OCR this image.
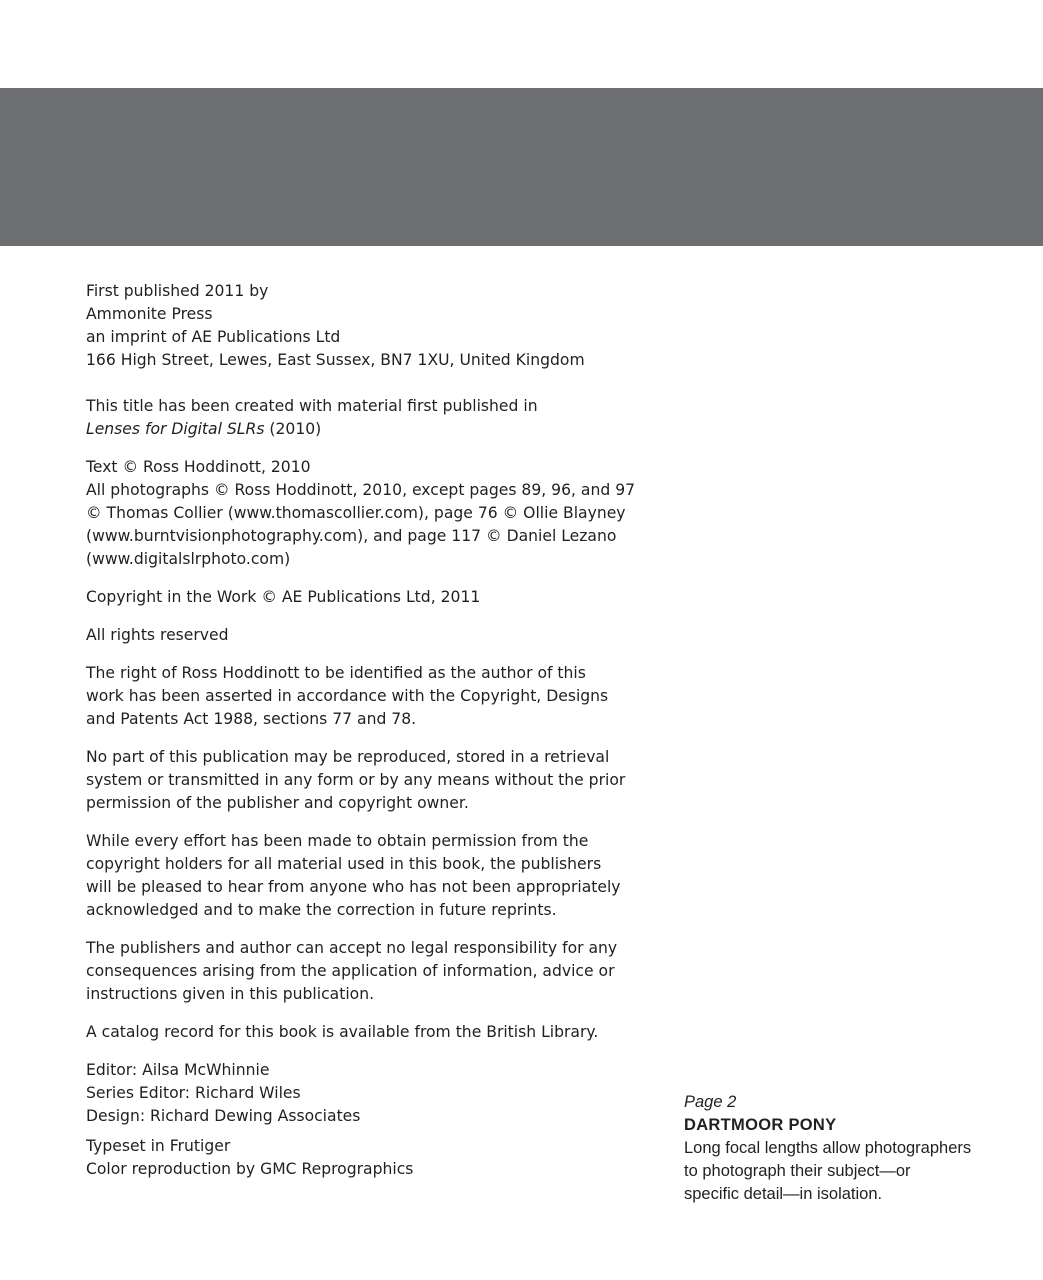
First published 2011 by
Ammonite Press
an imprint of AE Publications Ltd
166 High Street, Lewes, East Sussex, BN7 1XU, United Kingdom

This title has been created with material first published in
Lenses for Digital SLRs (2010)

Text © Ross Hoddinott, 2010
All photographs © Ross Hoddinott, 2010, except pages 89, 96, and 97
© Thomas Collier (www.thomascollier.com), page 76 © Ollie Blayney
(www.burntvisionphotography.com), and page 117 © Daniel Lezano
(www.digitalslrphoto.com)

Copyright in the Work © AE Publications Ltd, 2011

All rights reserved

The right of Ross Hoddinott to be identified as the author of this
work has been asserted in accordance with the Copyright, Designs
and Patents Act 1988, sections 77 and 78.

No part of this publication may be reproduced, stored in a retrieval
system or transmitted in any form or by any means without the prior
permission of the publisher and copyright owner.

While every effort has been made to obtain permission from the
copyright holders for all material used in this book, the publishers
will be pleased to hear from anyone who has not been appropriately
acknowledged and to make the correction in future reprints.

The publishers and author can accept no legal responsibility for any
consequences arising from the application of information, advice or
instructions given in this publication.

A catalog record for this book is available from the British Library.

Editor: Ailsa McWhinnie
Series Editor: Richard Wiles
Design: Richard Dewing Associates

Typeset in Frutiger
Color reproduction by GMC Reprographics

Page 2
DARTMOOR PONY
Long focal lengths allow photographers
to photograph their subject—or
specific detail—in isolation.
